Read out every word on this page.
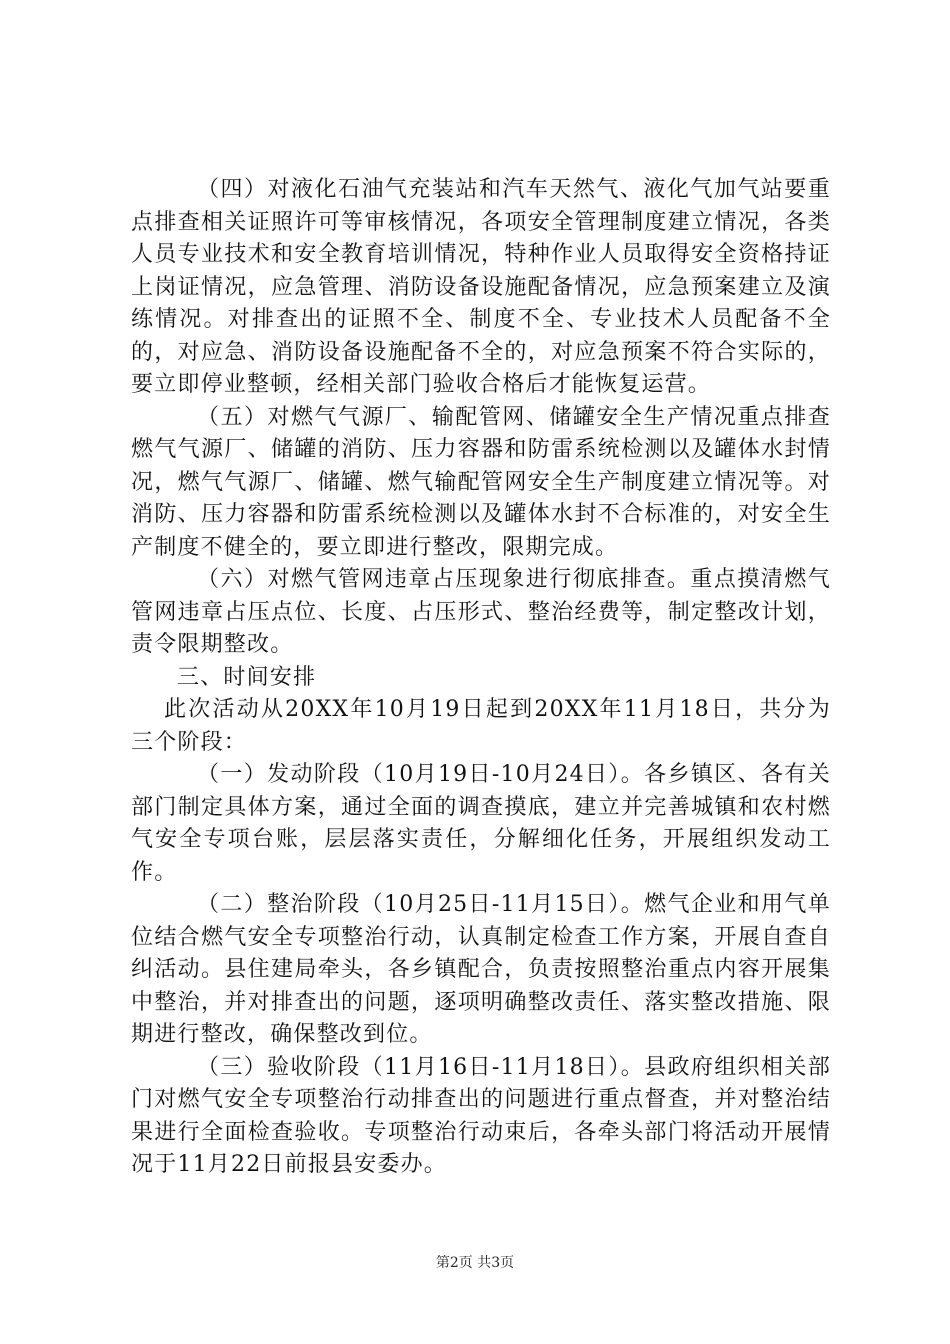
（四）对液化石油气充装站和汽车天然气、液化气加气站要重点排查相关证照许可等审核情况，各项安全管理制度建立情况，各类人员专业技术和安全教育培训情况，特种作业人员取得安全资格持证上岗证情况，应急管理、消防设备设施配备情况，应急预案建立及演练情况。对排查出的证照不全、制度不全、专业技术人员配备不全的，对应急、消防设备设施配备不全的，对应急预案不符合实际的，要立即停业整顿，经相关部门验收合格后才能恢复运营。

（五）对燃气气源厂、输配管网、储罐安全生产情况重点排查燃气气源厂、储罐的消防、压力容器和防雷系统检测以及罐体水封情况，燃气气源厂、储罐、燃气输配管网安全生产制度建立情况等。对消防、压力容器和防雷系统检测以及罐体水封不合标准的，对安全生产制度不健全的，要立即进行整改，限期完成。

（六）对燃气管网违章占压现象进行彻底排查。重点摸清燃气管网违章占压点位、长度、占压形式、整治经费等，制定整改计划，责令限期整改。

三、时间安排

此次活动从20XX年10月19日起到20XX年11月18日，共分为三个阶段：

（一）发动阶段（10月19日-10月24日）。各乡镇区、各有关部门制定具体方案，通过全面的调查摸底，建立并完善城镇和农村燃气安全专项台账，层层落实责任，分解细化任务，开展组织发动工作。

（二）整治阶段（10月25日-11月15日）。燃气企业和用气单位结合燃气安全专项整治行动，认真制定检查工作方案，开展自查自纠活动。县住建局牵头，各乡镇配合，负责按照整治重点内容开展集中整治，并对排查出的问题，逐项明确整改责任、落实整改措施、限期进行整改，确保整改到位。

（三）验收阶段（11月16日-11月18日）。县政府组织相关部门对燃气安全专项整治行动排查出的问题进行重点督查，并对整治结果进行全面检查验收。专项整治行动束后，各牵头部门将活动开展情况于11月22日前报县安委办。

第2页 共3页
